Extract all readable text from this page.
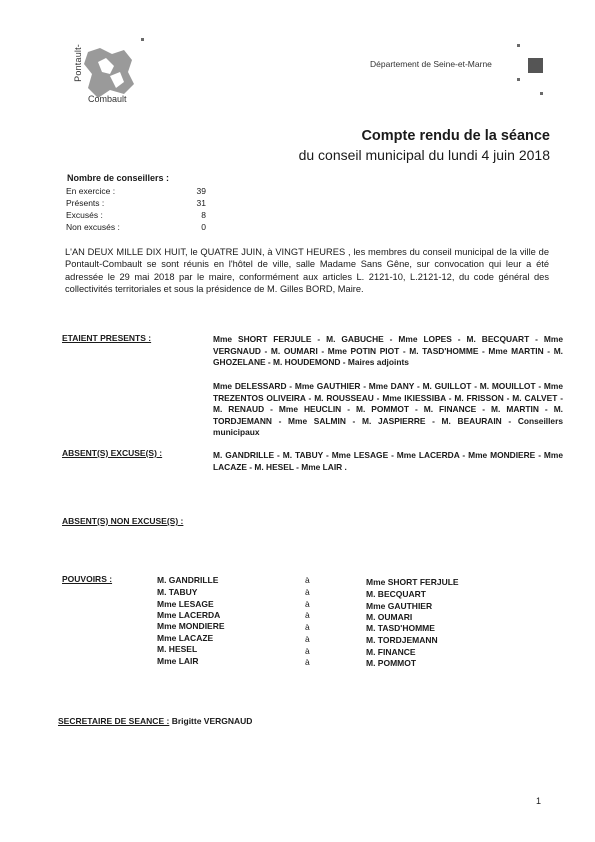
Pontault-
Combault
Département de Seine-et-Marne
Compte rendu de la séance
du conseil municipal du lundi 4 juin 2018
Nombre de conseillers :
En exercice :	39
Présents :	31
Excusés :	8
Non excusés :	0
L'AN DEUX MILLE DIX HUIT, le QUATRE JUIN, à VINGT HEURES , les membres du conseil municipal de la ville de Pontault-Combault se sont réunis en l'hôtel de ville, salle Madame Sans Gêne, sur convocation qui leur a été adressée le 29 mai 2018 par le maire, conformément aux articles L. 2121-10, L.2121-12, du code général des collectivités territoriales et sous la présidence de M. Gilles BORD, Maire.
ETAIENT PRESENTS :	Mme SHORT FERJULE - M. GABUCHE - Mme LOPES - M. BECQUART - Mme VERGNAUD - M. OUMARI - Mme POTIN PIOT - M. TASD'HOMME - Mme MARTIN - M. GHOZELANE - M. HOUDEMOND - Maires adjoints
Mme DELESSARD - Mme GAUTHIER - Mme DANY - M. GUILLOT - M. MOUILLOT - Mme TREZENTOS OLIVEIRA - M. ROUSSEAU - Mme IKIESSIBA - M. FRISSON - M. CALVET - M. RENAUD - Mme HEUCLIN - M. POMMOT - M. FINANCE - M. MARTIN - M. TORDJEMANN - Mme SALMIN - M. JASPIERRE - M. BEAURAIN - Conseillers municipaux
ABSENT(S) EXCUSE(S) :	M. GANDRILLE - M. TABUY - Mme LESAGE - Mme LACERDA - Mme MONDIERE - Mme LACAZE - M. HESEL - Mme LAIR .
ABSENT(S) NON EXCUSE(S) :
POUVOIRS :	M. GANDRILLE	à	Mme SHORT FERJULE
M. TABUY	à	M. BECQUART
Mme LESAGE	à	Mme GAUTHIER
Mme LACERDA	à	M. OUMARI
Mme MONDIERE	à	M. TASD'HOMME
Mme LACAZE	à	M. TORDJEMANN
M. HESEL	à	M. FINANCE
Mme LAIR	à	M. POMMOT
SECRETAIRE DE SEANCE : Brigitte VERGNAUD
1
